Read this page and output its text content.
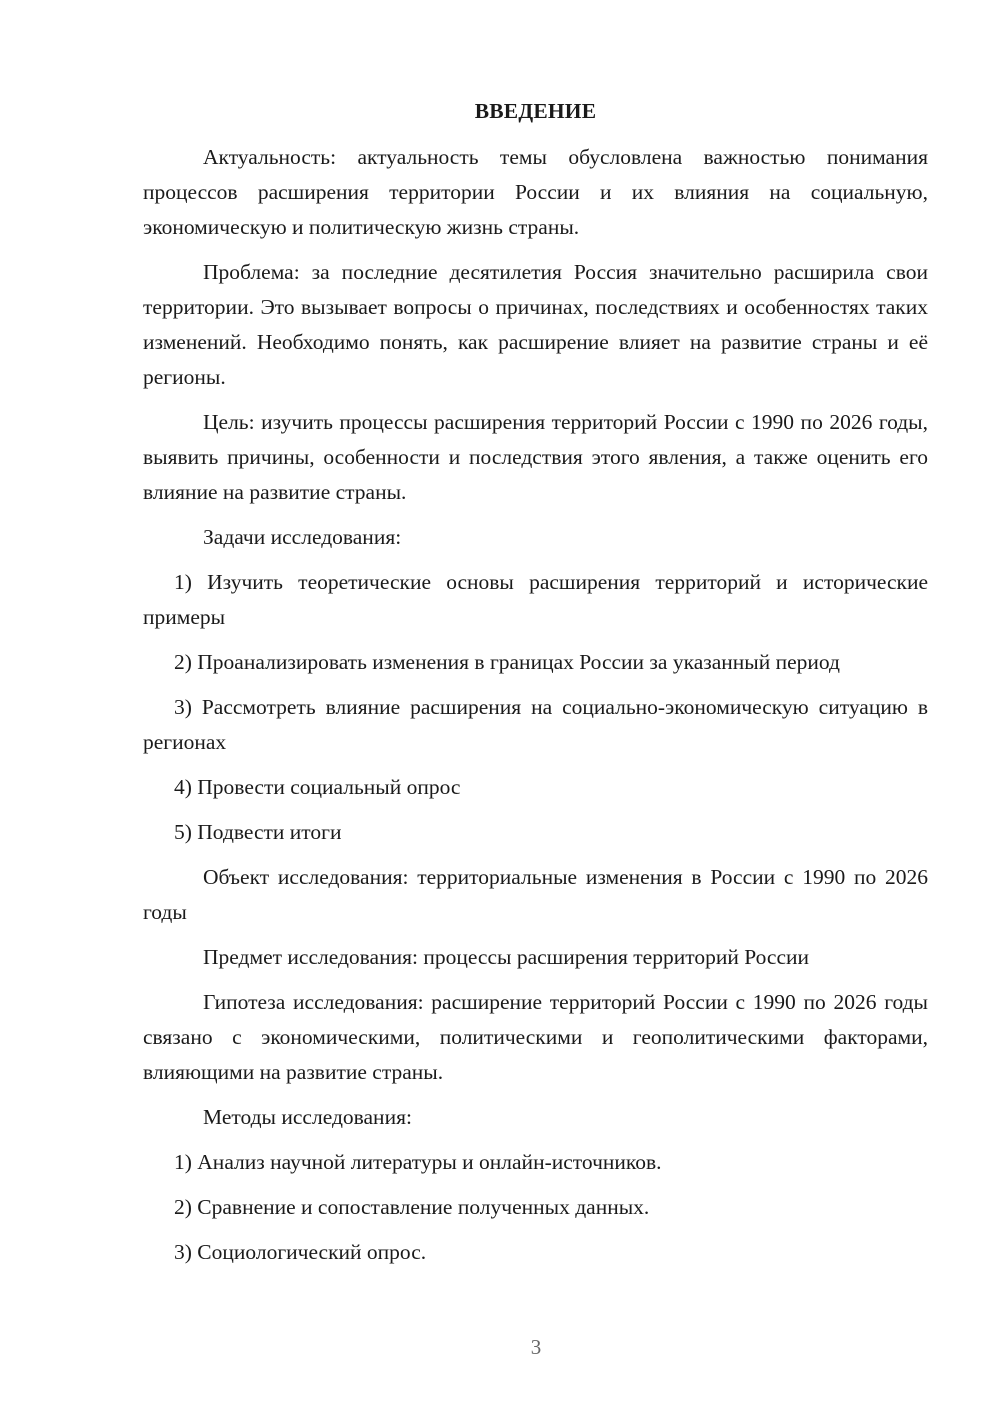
ВВЕДЕНИЕ

Актуальность: актуальность темы обусловлена важностью понимания процессов расширения территории России и их влияния на социальную, экономическую и политическую жизнь страны.

Проблема: за последние десятилетия Россия значительно расширила свои территории. Это вызывает вопросы о причинах, последствиях и особенностях таких изменений. Необходимо понять, как расширение влияет на развитие страны и её регионы.

Цель: изучить процессы расширения территорий России с 1990 по 2026 годы, выявить причины, особенности и последствия этого явления, а также оценить его влияние на развитие страны.

Задачи исследования:

1) Изучить теоретические основы расширения территорий и исторические примеры

2) Проанализировать изменения в границах России за указанный период

3) Рассмотреть влияние расширения на социально-экономическую ситуацию в регионах

4) Провести социальный опрос

5) Подвести итоги

Объект исследования: территориальные изменения в России с 1990 по 2026 годы

Предмет исследования: процессы расширения территорий России

Гипотеза исследования: расширение территорий России с 1990 по 2026 годы связано с экономическими, политическими и геополитическими факторами, влияющими на развитие страны.

Методы исследования:

1) Анализ научной литературы и онлайн-источников.

2) Сравнение и сопоставление полученных данных.

3) Социологический опрос.

3
